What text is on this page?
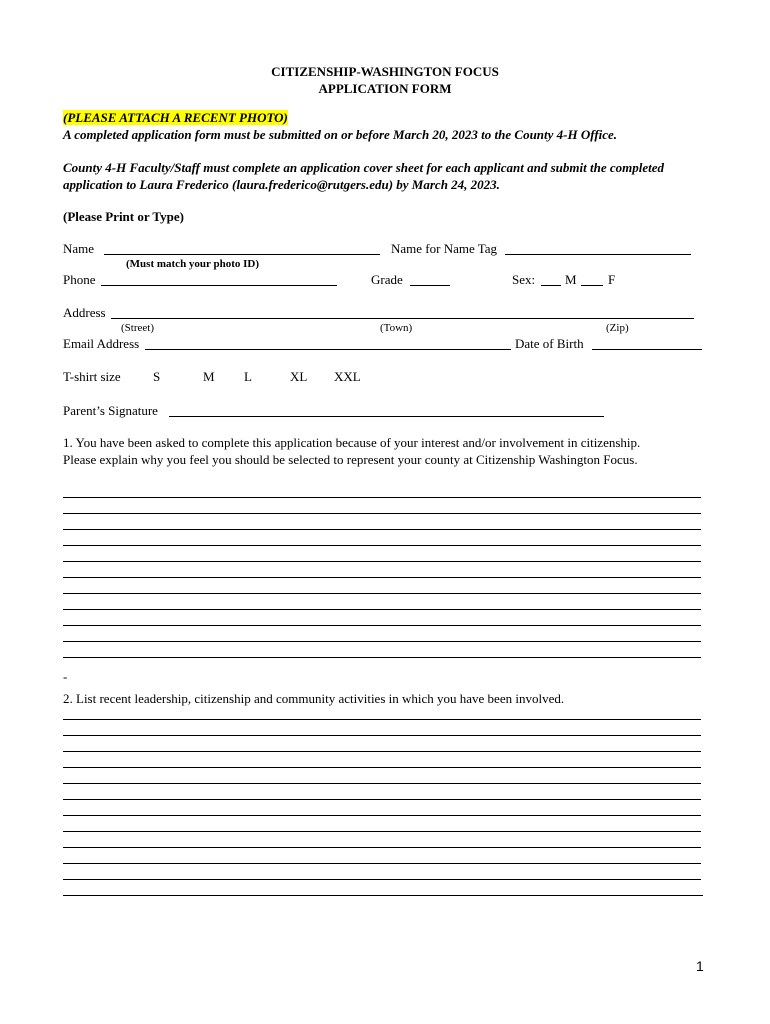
CITIZENSHIP-WASHINGTON FOCUS
APPLICATION FORM
(PLEASE ATTACH A RECENT PHOTO)
A completed application form must be submitted on or before March 20, 2023 to the County 4-H Office.
County 4-H Faculty/Staff must complete an application cover sheet for each applicant and submit the completed
application to Laura Frederico (laura.frederico@rutgers.edu) by March 24, 2023.
(Please Print or Type)
Name	Name for Name Tag
(Must match your photo ID)
Phone	Grade	Sex: M F
Address
(Street)	(Town)	(Zip)
Email Address	Date of Birth
T-shirt size S	M L	XL XXL
Parent’s Signature
1. You have been asked to complete this application because of your interest and/or involvement in citizenship.
Please explain why you feel you should be selected to represent your county at Citizenship Washington Focus.
-
2. List recent leadership, citizenship and community activities in which you have been involved.
1
